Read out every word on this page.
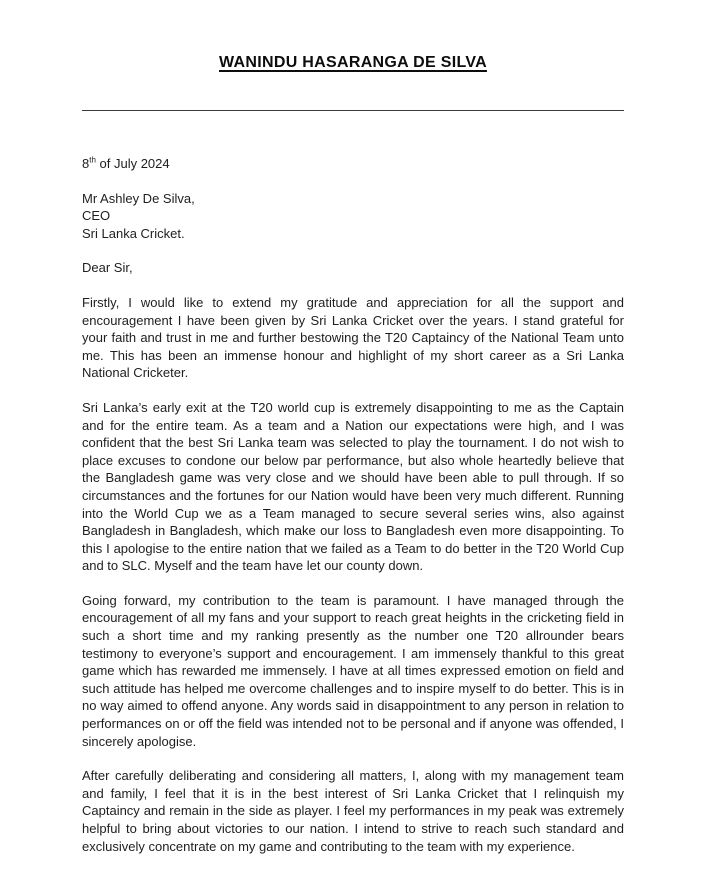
WANINDU HASARANGA DE SILVA
8th of July 2024
Mr Ashley De Silva,
CEO
Sri Lanka Cricket.
Dear Sir,

Firstly, I would like to extend my gratitude and appreciation for all the support and encouragement I have been given by Sri Lanka Cricket over the years. I stand grateful for your faith and trust in me and further bestowing the T20 Captaincy of the National Team unto me. This has been an immense honour and highlight of my short career as a Sri Lanka National Cricketer.

Sri Lanka’s early exit at the T20 world cup is extremely disappointing to me as the Captain and for the entire team. As a team and a Nation our expectations were high, and I was confident that the best Sri Lanka team was selected to play the tournament. I do not wish to place excuses to condone our below par performance, but also whole heartedly believe that the Bangladesh game was very close and we should have been able to pull through. If so circumstances and the fortunes for our Nation would have been very much different. Running into the World Cup we as a Team managed to secure several series wins, also against Bangladesh in Bangladesh, which make our loss to Bangladesh even more disappointing. To this I apologise to the entire nation that we failed as a Team to do better in the T20 World Cup and to SLC. Myself and the team have let our county down.

Going forward, my contribution to the team is paramount. I have managed through the encouragement of all my fans and your support to reach great heights in the cricketing field in such a short time and my ranking presently as the number one T20 allrounder bears testimony to everyone’s support and encouragement. I am immensely thankful to this great game which has rewarded me immensely. I have at all times expressed emotion on field and such attitude has helped me overcome challenges and to inspire myself to do better. This is in no way aimed to offend anyone. Any words said in disappointment to any person in relation to performances on or off the field was intended not to be personal and if anyone was offended, I sincerely apologise.

After carefully deliberating and considering all matters, I, along with my management team and family, I feel that it is in the best interest of Sri Lanka Cricket that I relinquish my Captaincy and remain in the side as player. I feel my performances in my peak was extremely helpful to bring about victories to our nation. I intend to strive to reach such standard and exclusively concentrate on my game and contributing to the team with my experience.
